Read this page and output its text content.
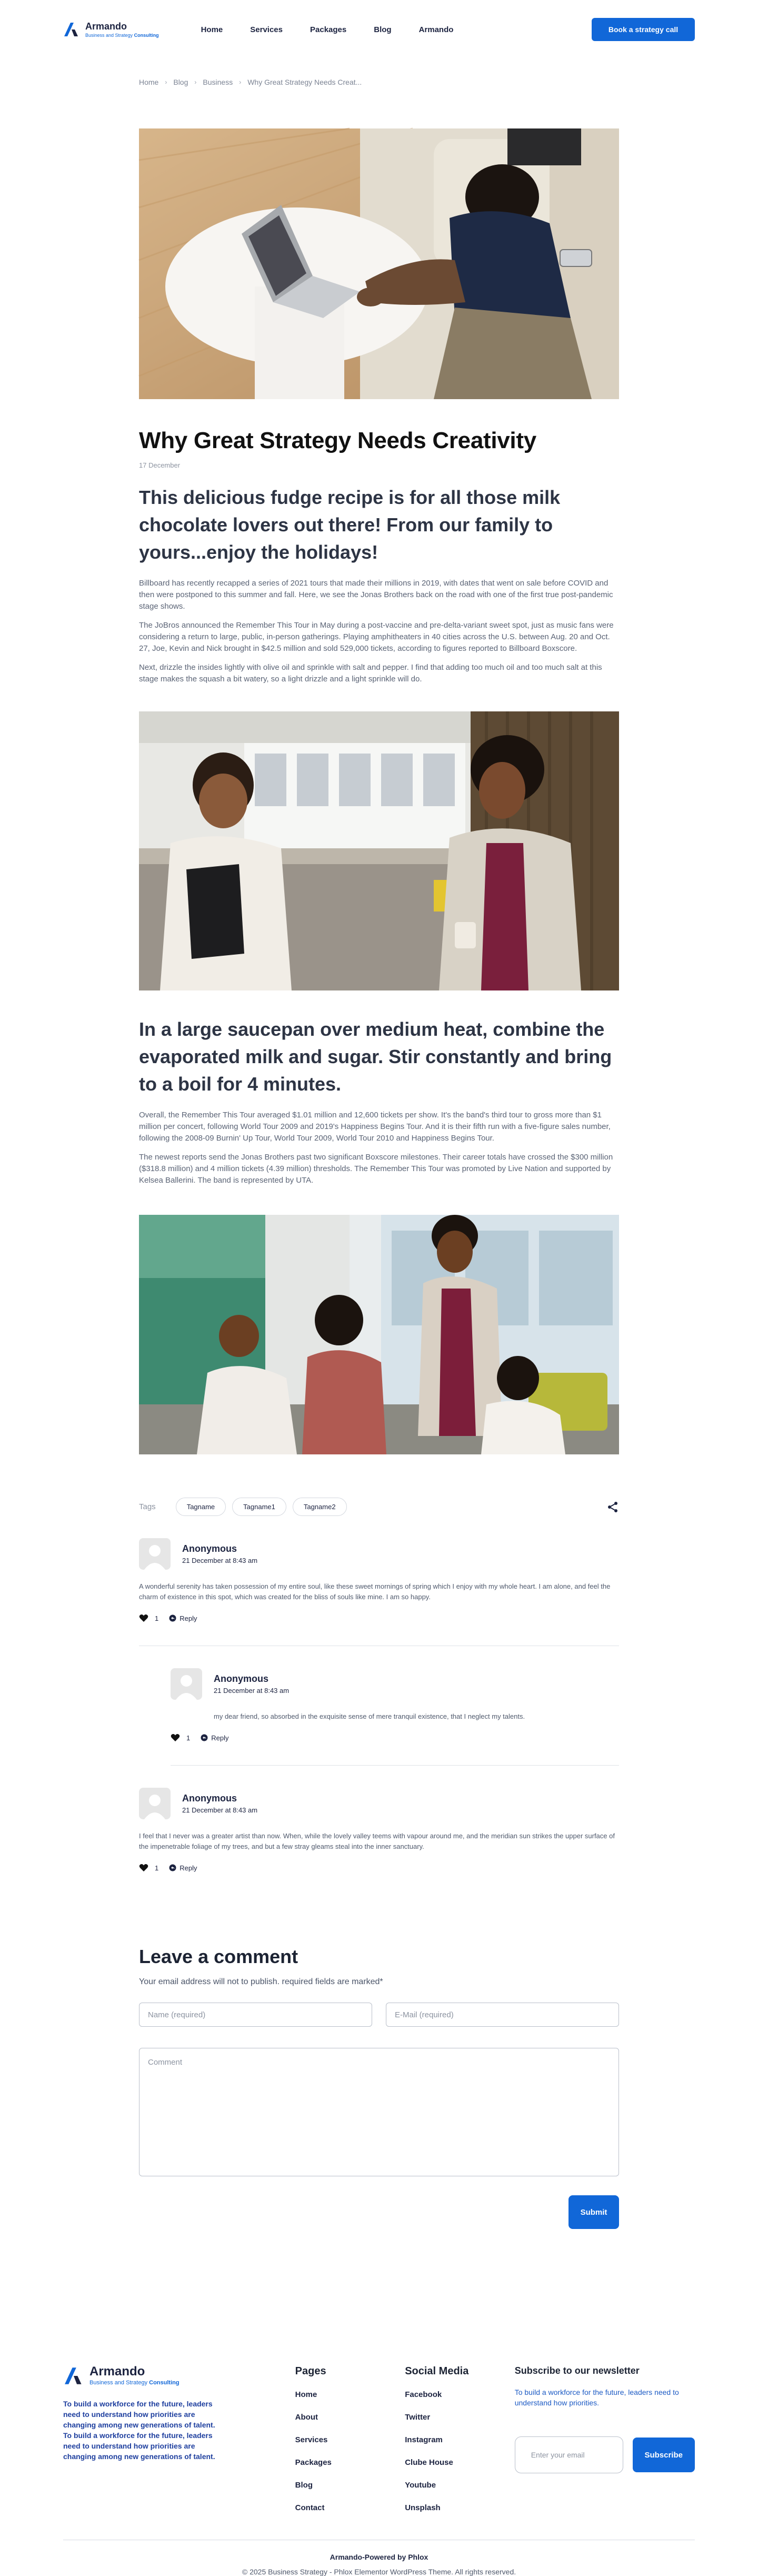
Armando
Business and Strategy Consulting
Home	Services	Packages	Blog	Armando	Book a strategy call
Home › Blog › Business › Why Great Strategy Needs Creat...
Why Great Strategy Needs Creativity
17 December
This delicious fudge recipe is for all those milk chocolate lovers out there! From our family to yours...enjoy the holidays!

Billboard has recently recapped a series of 2021 tours that made their millions in 2019, with dates that went on sale before COVID and then were postponed to this summer and fall. Here, we see the Jonas Brothers back on the road with one of the first true post-pandemic stage shows.

The JoBros announced the Remember This Tour in May during a post-vaccine and pre-delta-variant sweet spot, just as music fans were considering a return to large, public, in-person gatherings. Playing amphitheaters in 40 cities across the U.S. between Aug. 20 and Oct. 27, Joe, Kevin and Nick brought in $42.5 million and sold 529,000 tickets, according to figures reported to Billboard Boxscore.

Next, drizzle the insides lightly with olive oil and sprinkle with salt and pepper. I find that adding too much oil and too much salt at this stage makes the squash a bit watery, so a light drizzle and a light sprinkle will do.

In a large saucepan over medium heat, combine the evaporated milk and sugar. Stir constantly and bring to a boil for 4 minutes.

Overall, the Remember This Tour averaged $1.01 million and 12,600 tickets per show. It's the band's third tour to gross more than $1 million per concert, following World Tour 2009 and 2019's Happiness Begins Tour. And it is their fifth run with a five-figure sales number, following the 2008-09 Burnin' Up Tour, World Tour 2009, World Tour 2010 and Happiness Begins Tour.

The newest reports send the Jonas Brothers past two significant Boxscore milestones. Their career totals have crossed the $300 million ($318.8 million) and 4 million tickets (4.39 million) thresholds. The Remember This Tour was promoted by Live Nation and supported by Kelsea Ballerini. The band is represented by UTA.

Tags	Tagname	Tagname1	Tagname2
Anonymous
21 December at 8:43 am

A wonderful serenity has taken possession of my entire soul, like these sweet mornings of spring which I enjoy with my whole heart. I am alone, and feel the charm of existence in this spot, which was created for the bliss of souls like mine. I am so happy.

1	Reply
Anonymous
21 December at 8:43 am

my dear friend, so absorbed in the exquisite sense of mere tranquil existence, that I neglect my talents.

1	Reply
Anonymous
21 December at 8:43 am

I feel that I never was a greater artist than now. When, while the lovely valley teems with vapour around me, and the meridian sun strikes the upper surface of the impenetrable foliage of my trees, and but a few stray gleams steal into the inner sanctuary.

1	Reply
Leave a comment

Your email address will not to publish. required fields are marked*

Name (required)	E-Mail (required)
Comment
Submit
Armando
Business and Strategy Consulting

To build a workforce for the future, leaders need to understand how priorities are changing among new generations of talent. To build a workforce for the future, leaders need to understand how priorities are changing among new generations of talent.

Pages
Home
About
Services
Packages
Blog
Contact
Social Media
Facebook
Twitter
Instagram
Clube House
Youtube
Unsplash
Subscribe to our newsletter

To build a workforce for the future, leaders need to understand how priorities.

Enter your email	Subscribe
Armando-Powered by Phlox
© 2025 Business Strategy - Phlox Elementor WordPress Theme. All rights reserved.
